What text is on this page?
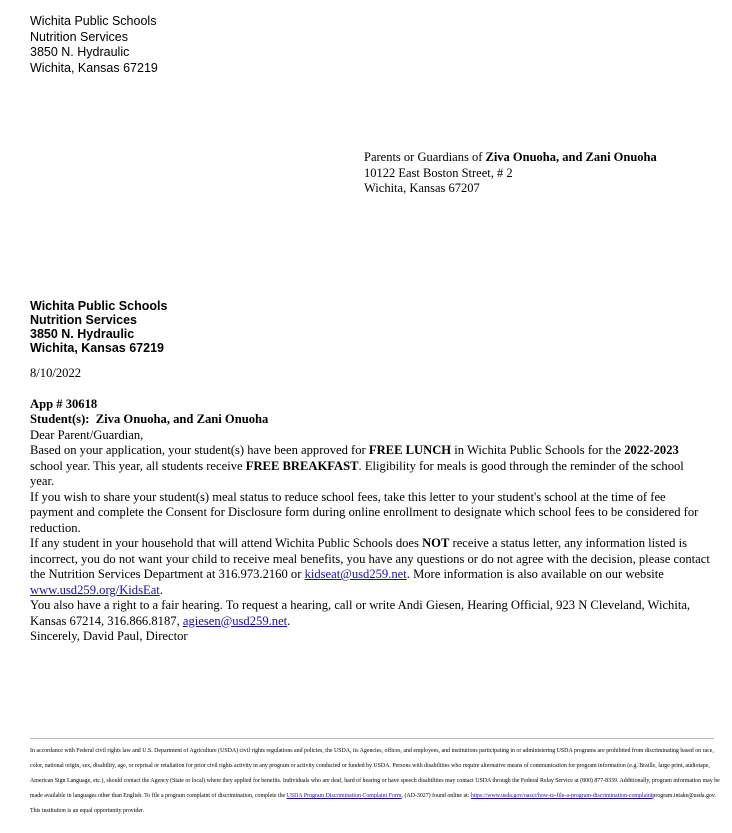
Wichita Public Schools
Nutrition Services
3850 N. Hydraulic
Wichita, Kansas 67219
Parents or Guardians of Ziva Onuoha, and Zani Onuoha
10122 East Boston Street, # 2
Wichita, Kansas 67207
Wichita Public Schools
Nutrition Services
3850 N. Hydraulic
Wichita, Kansas 67219

8/10/2022

App # 30618
Student(s): Ziva Onuoha, and Zani Onuoha

Dear Parent/Guardian,

Based on your application, your student(s) have been approved for FREE LUNCH in Wichita Public Schools for the 2022-2023 school year. This year, all students receive FREE BREAKFAST. Eligibility for meals is good through the reminder of the school year.

If you wish to share your student(s) meal status to reduce school fees, take this letter to your student's school at the time of fee payment and complete the Consent for Disclosure form during online enrollment to designate which school fees to be considered for reduction.

If any student in your household that will attend Wichita Public Schools does NOT receive a status letter, any information listed is incorrect, you do not want your child to receive meal benefits, you have any questions or do not agree with the decision, please contact the Nutrition Services Department at 316.973.2160 or kidseat@usd259.net. More information is also available on our website www.usd259.org/KidsEat.

You also have a right to a fair hearing. To request a hearing, call or write Andi Giesen, Hearing Official, 923 N Cleveland, Wichita, Kansas 67214, 316.866.8187, agiesen@usd259.net.

Sincerely, David Paul, Director

In accordance with Federal civil rights law and U.S. Department of Agriculture (USDA) civil rights regulations and policies, the USDA, its Agencies, offices, and employees, and institutions participating in or administering USDA programs are prohibited from discriminating based on race, color, national origin, sex, disability, age, or reprisal or retaliation for prior civil rights activity in any program or activity conducted or funded by USDA. Persons with disabilities who require alternative means of communication for program information (e.g. Braille, large print, audiotape, American Sign Language, etc.), should contact the Agency (State or local) where they applied for benefits. Individuals who are deaf, hard of hearing or have speech disabilities may contact USDA through the Federal Relay Service at (800) 877-8339. Additionally, program information may be made available in languages other than English. To file a program complaint of discrimination, complete the USDA Program Discrimination Complaint Form, (AD-3027) found online at: https://www.usda.gov/oascr/how-to-file-a-program-discrimination-complaintprogram.intake@usda.gov. This institution is an equal opportunity provider.
